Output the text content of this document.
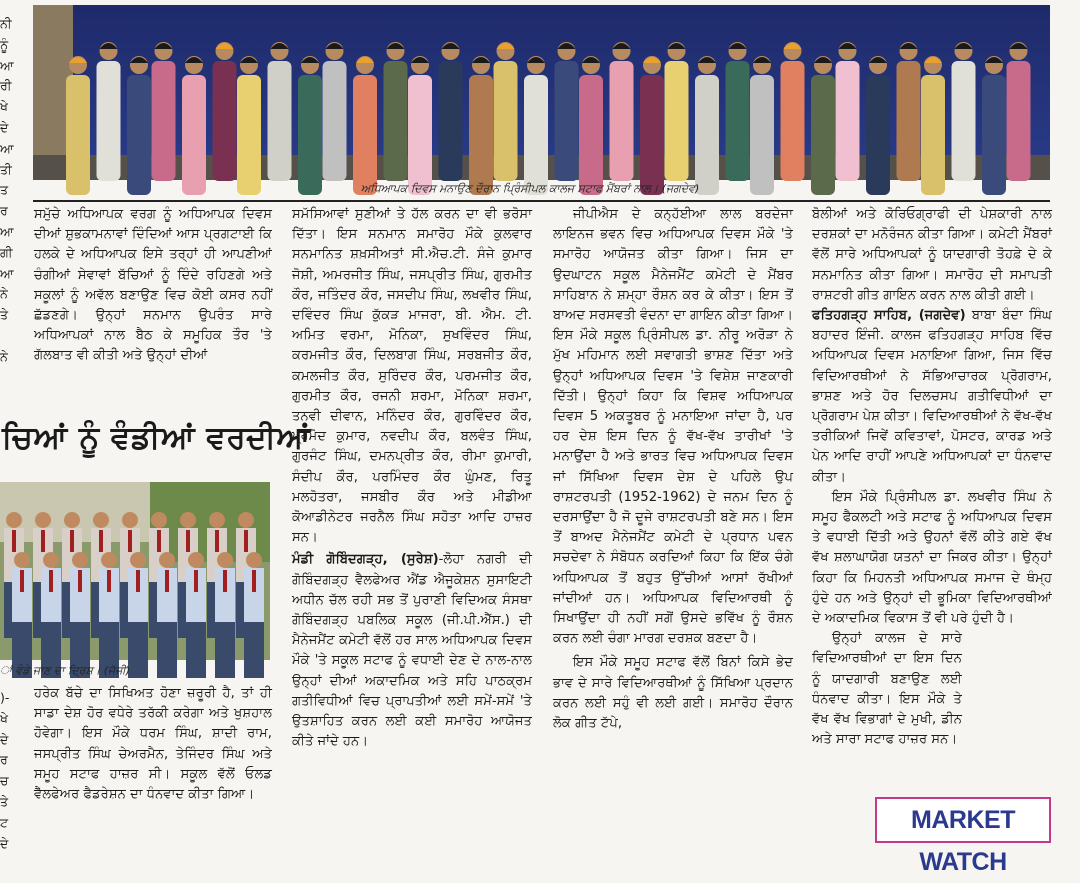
ਨੀ
ਨੂੰ
ਆ
ਰੀ
ਖੇ
ਦੇ
ਆ
ਤੀ
ਤ
ਰ
ਆ
ਗੀ
ਆ
ਨੇ
ਤੇ

ਨੇ
)-
ਖੇ
ਦੇ
ਰ
ਚ
ਤੇ
ਟ
ਦੇ
ਅਧਿਆਪਕ ਦਿਵਸ ਮਨਾਉਣ ਦੌਰਾਨ ਪ੍ਰਿੰਸੀਪਲ ਕਾਲਜ ਸਟਾਫ ਮੈਂਬਰਾਂ ਨਾਲ। (ਜਗਦੇਵ)
ਚਿਆਂ ਨੂੰ ਵੰਡੀਆਂ ਵਰਦੀਆਂ
ਾਂ ਵੰਡੇ ਜਾਣ ਦਾ ਦ੍ਰਿਸ਼। (ਜੱਜੀ)

ਸਮੁੱਚੇ ਅਧਿਆਪਕ ਵਰਗ ਨੂੰ ਅਧਿਆਪਕ ਦਿਵਸ ਦੀਆਂ ਸ਼ੁਭਕਾਮਨਾਵਾਂ ਦਿੰਦਿਆਂ ਆਸ ਪ੍ਰਗਟਾਈ ਕਿ ਹਲਕੇ ਦੇ ਅਧਿਆਪਕ ਇਸੇ ਤਰ੍ਹਾਂ ਹੀ ਆਪਣੀਆਂ ਚੰਗੀਆਂ ਸੇਵਾਵਾਂ ਬੱਚਿਆਂ ਨੂੰ ਦਿੰਦੇ ਰਹਿਣਗੇ ਅਤੇ ਸਕੂਲਾਂ ਨੂੰ ਅਵੱਲ ਬਣਾਉਣ ਵਿਚ ਕੋਈ ਕਸਰ ਨਹੀਂ ਛੱਡਣਗੇ। ਉਨ੍ਹਾਂ ਸਨਮਾਨ ਉਪਰੰਤ ਸਾਰੇ ਅਧਿਆਪਕਾਂ ਨਾਲ ਬੈਠ ਕੇ ਸਮੂਹਿਕ ਤੌਰ 'ਤੇ ਗੱਲਬਾਤ ਵੀ ਕੀਤੀ ਅਤੇ ਉਨ੍ਹਾਂ ਦੀਆਂ

ਹਰੇਕ ਬੱਚੇ ਦਾ ਸਿਖਿਅਤ ਹੋਣਾ ਜ਼ਰੂਰੀ ਹੈ, ਤਾਂ ਹੀ ਸਾਡਾ ਦੇਸ਼ ਹੋਰ ਵਧੇਰੇ ਤਰੱਕੀ ਕਰੇਗਾ ਅਤੇ ਖੁਸ਼ਹਾਲ ਹੋਵੇਗਾ। ਇਸ ਮੌਕੇ ਧਰਮ ਸਿੰਘ, ਸ਼ਾਦੀ ਰਾਮ, ਜਸਪ੍ਰੀਤ ਸਿੰਘ ਚੇਅਰਮੈਨ, ਤੇਜਿੰਦਰ ਸਿੰਘ ਅਤੇ ਸਮੂਹ ਸਟਾਫ ਹਾਜ਼ਰ ਸੀ। ਸਕੂਲ ਵੱਲੋਂ ਓਲਡ ਵੈੱਲਫੇਅਰ ਫੈਡਰੇਸ਼ਨ ਦਾ ਧੰਨਵਾਦ ਕੀਤਾ ਗਿਆ।

ਸਮੱਸਿਆਵਾਂ ਸੁਣੀਆਂ ਤੇ ਹੱਲ ਕਰਨ ਦਾ ਵੀ ਭਰੋਸਾ ਦਿੱਤਾ। ਇਸ ਸਨਮਾਨ ਸਮਾਰੋਹ ਮੌਕੇ ਕੁਲਵਾਰ ਸਨਮਾਨਿਤ ਸ਼ਖ਼ਸੀਅਤਾਂ ਸੀ.ਐਚ.ਟੀ. ਸੰਜੇ ਕੁਮਾਰ ਜੋਸ਼ੀ, ਅਮਰਜੀਤ ਸਿੰਘ, ਜਸਪ੍ਰੀਤ ਸਿੰਘ, ਗੁਰਮੀਤ ਕੌਰ, ਜਤਿੰਦਰ ਕੌਰ, ਜਸਦੀਪ ਸਿੰਘ, ਲਖਵੀਰ ਸਿੰਘ, ਦਵਿੰਦਰ ਸਿੰਘ ਕੁੱਕੜ ਮਾਜਰਾ, ਬੀ. ਐਮ. ਟੀ. ਅਮਿਤ ਵਰਮਾ, ਮੋਨਿਕਾ, ਸੁਖਵਿੰਦਰ ਸਿੰਘ, ਕਰਮਜੀਤ ਕੌਰ, ਦਿਲਬਾਗ ਸਿੰਘ, ਸਰਬਜੀਤ ਕੌਰ, ਕਮਲਜੀਤ ਕੌਰ, ਸੁਰਿੰਦਰ ਕੌਰ, ਪਰਮਜੀਤ ਕੌਰ, ਗੁਰਮੀਤ ਕੌਰ, ਰਜਨੀ ਸ਼ਰਮਾ, ਮੋਨਿਕਾ ਸ਼ਰਮਾ, ਤਨਵੀ ਦੀਵਾਨ, ਮਨਿੰਦਰ ਕੌਰ, ਗੁਰਵਿੰਦਰ ਕੌਰ, ਪ੍ਰਮੋਦ ਕੁਮਾਰ, ਨਵਦੀਪ ਕੌਰ, ਬਲਵੰਤ ਸਿੰਘ, ਗੁਰਜੰਟ ਸਿੰਘ, ਦਮਨਪ੍ਰੀਤ ਕੌਰ, ਰੀਮਾ ਕੁਮਾਰੀ, ਸੰਦੀਪ ਕੌਰ, ਪਰਮਿੰਦਰ ਕੌਰ ਘੁੰਮਣ, ਰਿਤੂ ਮਲਹੋਤਰਾ, ਜਸਬੀਰ ਕੌਰ ਅਤੇ ਮੀਡੀਆ ਕੋਆਡੀਨੇਟਰ ਜਰਨੈਲ ਸਿੰਘ ਸਹੋਤਾ ਆਦਿ ਹਾਜ਼ਰ ਸਨ।

ਮੰਡੀ ਗੋਬਿੰਦਗੜ੍ਹ, (ਸੁਰੇਸ਼)-ਲੋਹਾ ਨਗਰੀ ਦੀ ਗੋਬਿੰਦਗੜ੍ਹ ਵੈਲਫੇਅਰ ਐਂਡ ਐਜੂਕੇਸ਼ਨ ਸੁਸਾਇਟੀ ਅਧੀਨ ਚੱਲ ਰਹੀ ਸਭ ਤੋਂ ਪੁਰਾਣੀ ਵਿਦਿਅਕ ਸੰਸਥਾ ਗੋਬਿੰਦਗੜ੍ਹ ਪਬਲਿਕ ਸਕੂਲ (ਜੀ.ਪੀ.ਐੱਸ.) ਦੀ ਮੈਨੇਜਮੈਂਟ ਕਮੇਟੀ ਵੱਲੋਂ ਹਰ ਸਾਲ ਅਧਿਆਪਕ ਦਿਵਸ ਮੌਕੇ 'ਤੇ ਸਕੂਲ ਸਟਾਫ ਨੂੰ ਵਧਾਈ ਦੇਣ ਦੇ ਨਾਲ-ਨਾਲ ਉਨ੍ਹਾਂ ਦੀਆਂ ਅਕਾਦਮਿਕ ਅਤੇ ਸਹਿ ਪਾਠਕ੍ਰਮ ਗਤੀਵਿਧੀਆਂ ਵਿਚ ਪ੍ਰਾਪਤੀਆਂ ਲਈ ਸਮੇਂ-ਸਮੇਂ 'ਤੇ ਉਤਸ਼ਾਹਿਤ ਕਰਨ ਲਈ ਕਈ ਸਮਾਰੋਹ ਆਯੋਜਤ ਕੀਤੇ ਜਾਂਦੇ ਹਨ।

ਜੀਪੀਐਸ ਦੇ ਕਨ੍ਹੱਈਆ ਲਾਲ ਬਰਦੇਜਾ ਲਾਇਨਜ ਭਵਨ ਵਿਚ ਅਧਿਆਪਕ ਦਿਵਸ ਮੌਕੇ 'ਤੇ ਸਮਾਰੋਹ ਆਯੋਜਤ ਕੀਤਾ ਗਿਆ। ਜਿਸ ਦਾ ਉਦਘਾਟਨ ਸਕੂਲ ਮੈਨੇਜਮੈਂਟ ਕਮੇਟੀ ਦੇ ਮੈਂਬਰ ਸਾਹਿਬਾਨ ਨੇ ਸ਼ਮ੍ਹਾ ਰੌਸ਼ਨ ਕਰ ਕੇ ਕੀਤਾ। ਇਸ ਤੋਂ ਬਾਅਦ ਸਰਸਵਤੀ ਵੰਦਨਾ ਦਾ ਗਾਇਨ ਕੀਤਾ ਗਿਆ। ਇਸ ਮੌਕੇ ਸਕੂਲ ਪ੍ਰਿੰਸੀਪਲ ਡਾ. ਨੀਰੂ ਅਰੋੜਾ ਨੇ ਮੁੱਖ ਮਹਿਮਾਨ ਲਈ ਸਵਾਗਤੀ ਭਾਸ਼ਣ ਦਿੱਤਾ ਅਤੇ ਉਨ੍ਹਾਂ ਅਧਿਆਪਕ ਦਿਵਸ 'ਤੇ ਵਿਸ਼ੇਸ਼ ਜਾਣਕਾਰੀ ਦਿੱਤੀ। ਉਨ੍ਹਾਂ ਕਿਹਾ ਕਿ ਵਿਸ਼ਵ ਅਧਿਆਪਕ ਦਿਵਸ 5 ਅਕਤੂਬਰ ਨੂੰ ਮਨਾਇਆ ਜਾਂਦਾ ਹੈ, ਪਰ ਹਰ ਦੇਸ਼ ਇਸ ਦਿਨ ਨੂੰ ਵੱਖ-ਵੱਖ ਤਾਰੀਖਾਂ 'ਤੇ ਮਨਾਉਂਦਾ ਹੈ ਅਤੇ ਭਾਰਤ ਵਿਚ ਅਧਿਆਪਕ ਦਿਵਸ ਜਾਂ ਸਿੱਖਿਆ ਦਿਵਸ ਦੇਸ਼ ਦੇ ਪਹਿਲੇ ਉਪ ਰਾਸ਼ਟਰਪਤੀ (1952-1962) ਦੇ ਜਨਮ ਦਿਨ ਨੂੰ ਦਰਸਾਉਂਦਾ ਹੈ ਜੋ ਦੂਜੇ ਰਾਸ਼ਟਰਪਤੀ ਬਣੇ ਸਨ। ਇਸ ਤੋਂ ਬਾਅਦ ਮੈਨੇਜਮੈਂਟ ਕਮੇਟੀ ਦੇ ਪ੍ਰਧਾਨ ਪਵਨ ਸਚਦੇਵਾ ਨੇ ਸੰਬੋਧਨ ਕਰਦਿਆਂ ਕਿਹਾ ਕਿ ਇੱਕ ਚੰਗੇ ਅਧਿਆਪਕ ਤੋਂ ਬਹੁਤ ਉੱਚੀਆਂ ਆਸਾਂ ਰੱਖੀਆਂ ਜਾਂਦੀਆਂ ਹਨ। ਅਧਿਆਪਕ ਵਿਦਿਆਰਥੀ ਨੂੰ ਸਿਖਾਉਂਦਾ ਹੀ ਨਹੀਂ ਸਗੋਂ ਉਸਦੇ ਭਵਿੱਖ ਨੂੰ ਰੌਸ਼ਨ ਕਰਨ ਲਈ ਚੰਗਾ ਮਾਰਗ ਦਰਸ਼ਕ ਬਣਦਾ ਹੈ।

ਇਸ ਮੌਕੇ ਸਮੂਹ ਸਟਾਫ ਵੱਲੋਂ ਬਿਨਾਂ ਕਿਸੇ ਭੇਦ ਭਾਵ ਦੇ ਸਾਰੇ ਵਿਦਿਆਰਥੀਆਂ ਨੂੰ ਸਿੱਖਿਆ ਪ੍ਰਦਾਨ ਕਰਨ ਲਈ ਸਹੁੰ ਵੀ ਲਈ ਗਈ। ਸਮਾਰੋਹ ਦੌਰਾਨ ਲੋਕ ਗੀਤ ਟੱਪੇ,

ਬੋਲੀਆਂ ਅਤੇ ਕੋਰਿਓਗ੍ਰਾਫੀ ਦੀ ਪੇਸ਼ਕਾਰੀ ਨਾਲ ਦਰਸ਼ਕਾਂ ਦਾ ਮਨੋਰੰਜਨ ਕੀਤਾ ਗਿਆ। ਕਮੇਟੀ ਮੈਂਬਰਾਂ ਵੱਲੋਂ ਸਾਰੇ ਅਧਿਆਪਕਾਂ ਨੂੰ ਯਾਦਗਾਰੀ ਤੋਹਫ਼ੇ ਦੇ ਕੇ ਸਨਮਾਨਿਤ ਕੀਤਾ ਗਿਆ। ਸਮਾਰੋਹ ਦੀ ਸਮਾਪਤੀ ਰਾਸ਼ਟਰੀ ਗੀਤ ਗਾਇਨ ਕਰਨ ਨਾਲ ਕੀਤੀ ਗਈ।

ਫਤਿਹਗੜ੍ਹ ਸਾਹਿਬ, (ਜਗਦੇਵ) ਬਾਬਾ ਬੰਦਾ ਸਿੰਘ ਬਹਾਦਰ ਇੰਜੀ. ਕਾਲਜ ਫਤਿਹਗੜ੍ਹ ਸਾਹਿਬ ਵਿੱਚ ਅਧਿਆਪਕ ਦਿਵਸ ਮਨਾਇਆ ਗਿਆ, ਜਿਸ ਵਿੱਚ ਵਿਦਿਆਰਥੀਆਂ ਨੇ ਸੱਭਿਆਚਾਰਕ ਪ੍ਰੋਗਰਾਮ, ਭਾਸ਼ਣ ਅਤੇ ਹੋਰ ਦਿਲਚਸਪ ਗਤੀਵਿਧੀਆਂ ਦਾ ਪ੍ਰੋਗਰਾਮ ਪੇਸ਼ ਕੀਤਾ। ਵਿਦਿਆਰਥੀਆਂ ਨੇ ਵੱਖ-ਵੱਖ ਤਰੀਕਿਆਂ ਜਿਵੇਂ ਕਵਿਤਾਵਾਂ, ਪੋਸਟਰ, ਕਾਰਡ ਅਤੇ ਪੇਨ ਆਦਿ ਰਾਹੀਂ ਆਪਣੇ ਅਧਿਆਪਕਾਂ ਦਾ ਧੰਨਵਾਦ ਕੀਤਾ।

ਇਸ ਮੌਕੇ ਪ੍ਰਿੰਸੀਪਲ ਡਾ. ਲਖਵੀਰ ਸਿੰਘ ਨੇ ਸਮੂਹ ਫੈਕਲਟੀ ਅਤੇ ਸਟਾਫ ਨੂੰ ਅਧਿਆਪਕ ਦਿਵਸ ਤੇ ਵਧਾਈ ਦਿੱਤੀ ਅਤੇ ਉਹਨਾਂ ਵੱਲੋਂ ਕੀਤੇ ਗਏ ਵੱਖ ਵੱਖ ਸ਼ਲਾਘਾਯੋਗ ਯਤਨਾਂ ਦਾ ਜਿਕਰ ਕੀਤਾ। ਉਨ੍ਹਾਂ ਕਿਹਾ ਕਿ ਮਿਹਨਤੀ ਅਧਿਆਪਕ ਸਮਾਜ ਦੇ ਥੰਮ੍ਹ ਹੁੰਦੇ ਹਨ ਅਤੇ ਉਨ੍ਹਾਂ ਦੀ ਭੂਮਿਕਾ ਵਿਦਿਆਰਥੀਆਂ ਦੇ ਅਕਾਦਮਿਕ ਵਿਕਾਸ ਤੋਂ ਵੀ ਪਰੇ ਹੁੰਦੀ ਹੈ।

ਉਨ੍ਹਾਂ ਕਾਲਜ ਦੇ ਸਾਰੇ ਵਿਦਿਆਰਥੀਆਂ ਦਾ ਇਸ ਦਿਨ ਨੂੰ ਯਾਦਗਾਰੀ ਬਣਾਉਣ ਲਈ ਧੰਨਵਾਦ ਕੀਤਾ। ਇਸ ਮੌਕੇ ਤੇ ਵੱਖ ਵੱਖ ਵਿਭਾਗਾਂ ਦੇ ਮੁਖੀ, ਡੀਨ ਅਤੇ ਸਾਰਾ ਸਟਾਫ ਹਾਜ਼ਰ ਸਨ।

MARKET WATCH
